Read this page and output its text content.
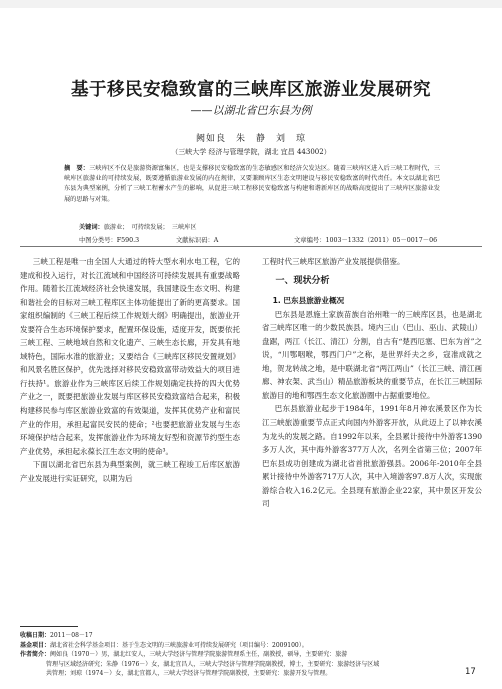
基于移民安稳致富的三峡库区旅游业发展研究
——以湖北省巴东县为例
阙如良　朱　静　刘　琼
（三峡大学 经济与管理学院，湖北 宜昌 443002）
摘　要：三峡库区不仅是旅游资源富集区，也是支撑移民安稳致富的生态敏感区和经济欠发达区。随着三峡库区进入后三峡工程时代，三峡库区旅游业的可持续发展，既要遵循旅游业发展的内在规律，又要兼顾库区生态文明建设与移民安稳致富的时代责任。本文以湖北省巴东县为典型案例，分析了三峡工程蓄水产生的影响，从促进三峡工程移民安稳致富与构建和谐新库区的战略高度提出了三峡库区旅游业发展的思路与对策。
关键词：旅游业；　可持续发展；　三峡库区
中图分类号：F590.3	文献标识码：A	文章编号：1003－1332（2011）05－0017－06

三峡工程是唯一由全国人大通过的特大型水利水电工程，它的建成和投入运行，对长江流域和中国经济可持续发展具有重要战略作用。随着长江流域经济社会快速发展，我国建设生态文明、构建和谐社会的目标对三峡工程库区主体功能提出了新的更高要求。国家组织编制的《三峡工程后续工作规划大纲》明确提出，旅游业开发要符合生态环境保护要求，配置环保设施，适度开发，既要依托三峡工程、三峡地域自然和文化遗产、三峡生态长廊，开发具有地域特色，国际水准的旅游业；又要结合《三峡库区移民安置规划》和风景名胜区保护，优先选择对移民安稳致富带动效益大的项目进行扶持¹。旅游业作为三峡库区后续工作规划确定扶持的四大优势产业之一，既要把旅游业发展与库区移民安稳致富结合起来，积极构建移民参与库区旅游业致富的有效渠道，发挥其优势产业和富民产业的作用，承担起富民安民的使命；²也要把旅游业发展与生态环境保护结合起来，发挥旅游业作为环境友好型和资源节约型生态产业优势，承担起永葆长江生态文明的使命³。

下面以湖北省巴东县为典型案例，就三峡工程竣工后库区旅游产业发展进行实证研究，以期为后

工程时代三峡库区旅游产业发展提供借鉴。

一、现状分析
1. 巴东县旅游业概况

巴东县是恩施土家族苗族自治州唯一的三峡库区县，也是湖北省三峡库区唯一的少数民族县。境内三山（巴山、巫山、武陵山）盘踞，两江（长江、清江）分割，自古有“楚西厄塞、巴东为首”之说，“川鄂咽喉，鄂西门户”之称，是世界纤夫之乡，寇准成就之地，贺龙转战之地，是中联湖北省“两江两山”（长江三峡、清江画廊、神农架、武当山）精品旅游板块的重要节点，在长江三峡国际旅游目的地和鄂西生态文化旅游圈中占据重要地位。

巴东县旅游业起步于1984年，1991年8月神农溪景区作为长江三峡旅游重要节点正式向国内外游客开放，从此迈上了以神农溪为龙头的发展之路。自1992年以来，全县累计接待中外游客1390多万人次，其中海外游客377万人次，名列全省第三位；2007年巴东县成功创建成为湖北省首批旅游强县。2006年-2010年全县累计接待中外游客717万人次，其中入境游客97.8万人次，实现旅游综合收入16.2亿元。全县现有旅游企业22家，其中景区开发公司

收稿日期：2011－08－17
基金项目：湖北省社会科学基金项目：基于生态文明的三峡旅游业可持续发展研究（项目编号：2009100）。
作者简介：阙如良（1970－）男，湖北红安人，三峡大学经济与管理学院旅游管理系主任，副教授，硕导，主要研究：旅游
管理与区域经济研究；朱静（1976－）女，湖北宜昌人，三峡大学经济与管理学院副教授，博士，主要研究：旅游经济与区域
共管理；刘琼（1974－）女，湖北宜都人，三峡大学经济与管理学院副教授，主要研究：旅游开发与管理。	17
